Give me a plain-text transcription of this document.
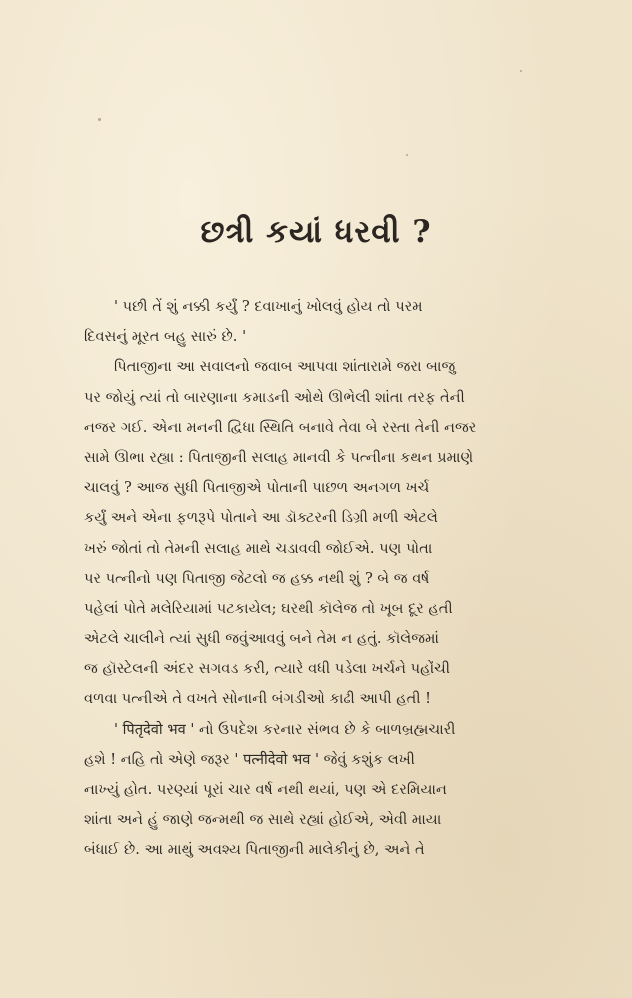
છત્રી કયાં ધરવી ?
' પછી તેં શું નક્કી કર્યું ? દવાખાનું ખોલવું હોય તો પરમ
દિવસનું મૂરત બહુ સારું છે. '
પિતાજીના આ સવાલનો જવાબ આપવા શાંતારામે જરા બાજુ
પર જોયું ત્યાં તો બારણાના કમાડની ઓથે ઊભેલી શાંતા તરફ તેની
નજર ગઈ. એના મનની દ્વિધા સ્થિતિ બનાવે તેવા બે રસ્તા તેની નજર
સામે ઊભા રહ્યા : પિતાજીની સલાહ માનવી કે પત્નીના કથન પ્રમાણે
ચાલવું ? આજ સુધી પિતાજીએ પોતાની પાછળ અનગળ ખર્ચ
કર્યું અને એના ફળરૂપે પોતાને આ ડૉક્ટરની ડિગ્રી મળી એટલે
ખરું જોતાં તો તેમની સલાહ માથે ચડાવવી જોઈએ. પણ પોતા
પર પત્નીનો પણ પિતાજી જેટલો જ હક્ક નથી શું ? બે જ વર્ષ
પહેલાં પોતે મલેરિયામાં પટકાયેલ; ઘરથી કૉલેજ તો ખૂબ દૂર હતી
એટલે ચાલીને ત્યાં સુધી જવુંઆવવું બને તેમ ન હતું. કૉલેજમાં
જ હૉસ્ટેલની અંદર સગવડ કરી, ત્યારે વધી પડેલા ખર્ચને પહોંચી
વળવા પત્નીએ તે વખતે સોનાની બંગડીઓ કાઢી આપી હતી !
' पितृदेवो भव ' નો ઉપદેશ કરનાર સંભવ છે કે બાળબ્રહ્મચારી
હશે ! નહિ તો એણે જરૂર ' पत्नीदेवो भव ' જેવું કશુંક લખી
નાખ્યું હોત. પરણ્યાં પૂરાં ચાર વર્ષ નથી થયાં, પણ એ દરમિયાન
શાંતા અને હું જાણે જન્મથી જ સાથે રહ્યાં હોઈએ, એવી માયા
બંધાઈ છે. આ માથું અવશ્ય પિતાજીની માલેકીનું છે, અને તે
